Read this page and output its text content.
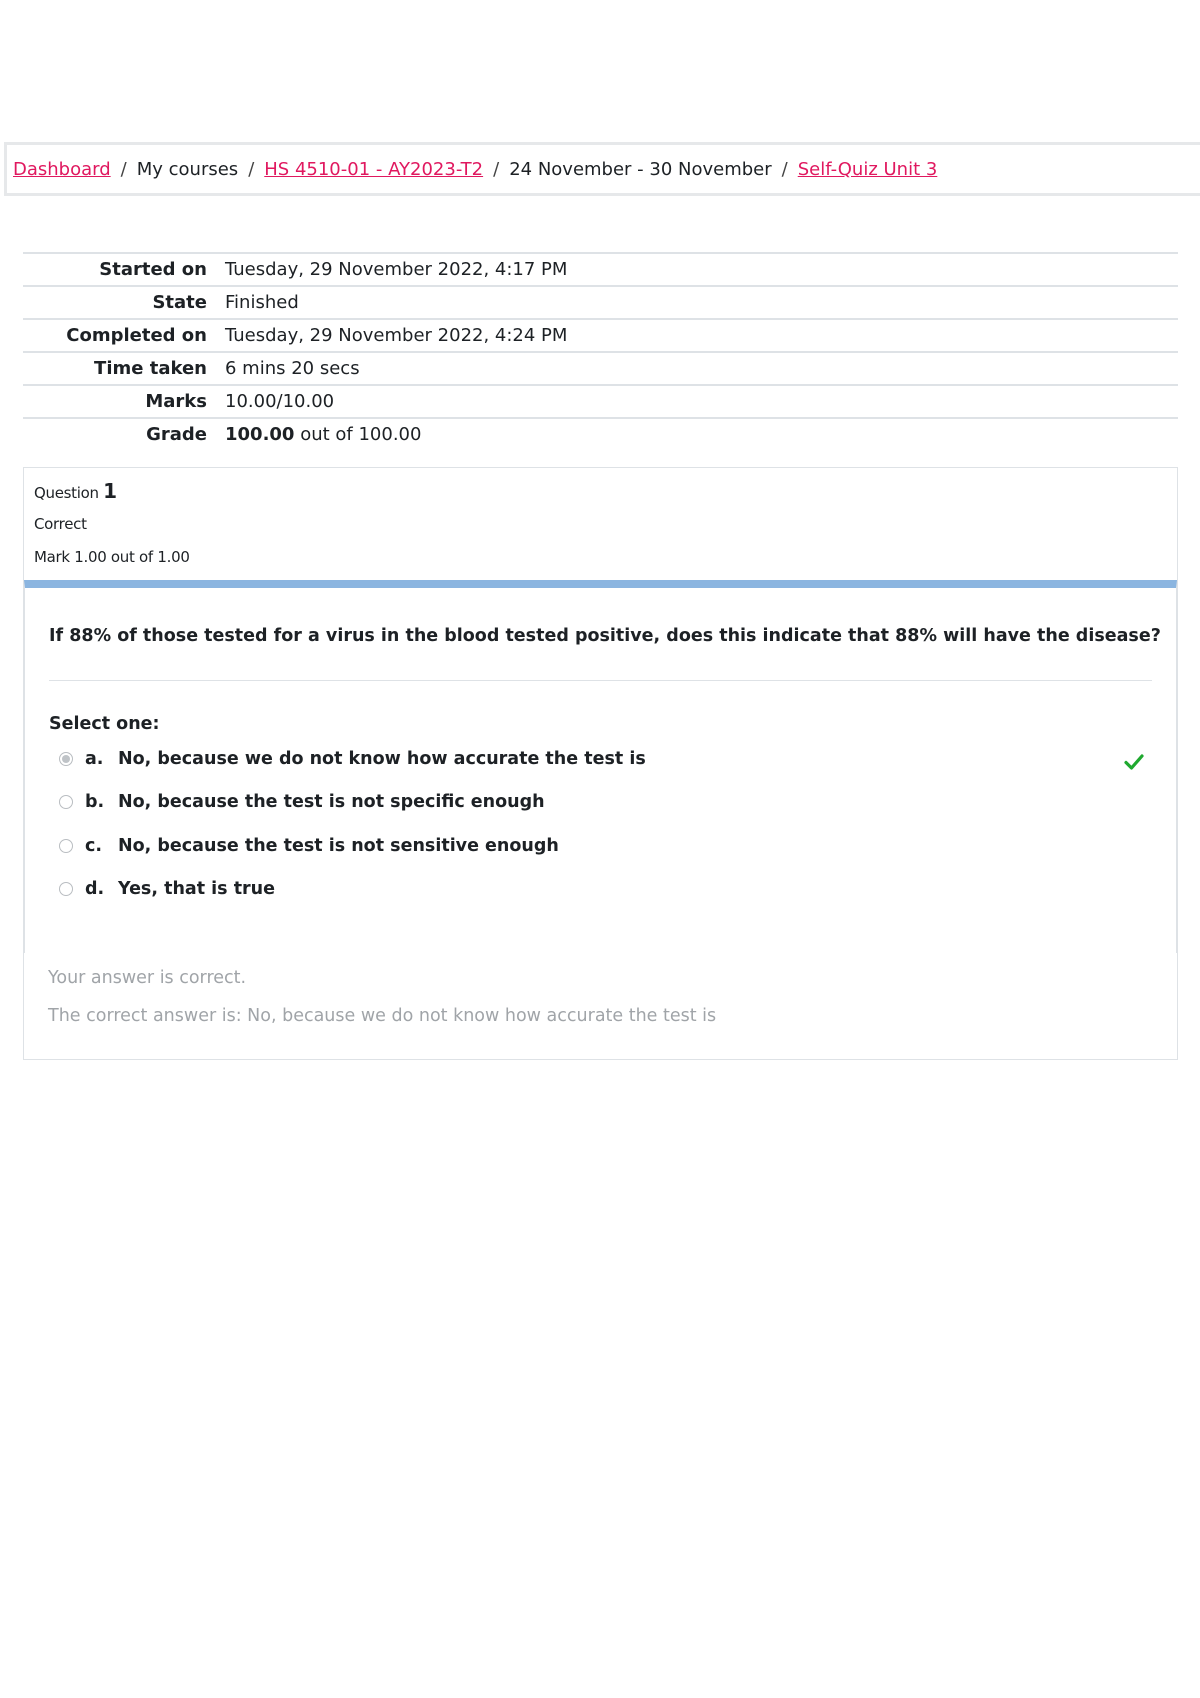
Dashboard / My courses / HS 4510-01 - AY2023-T2 / 24 November - 30 November / Self-Quiz Unit 3
Started on	Tuesday, 29 November 2022, 4:17 PM
State	Finished
Completed on	Tuesday, 29 November 2022, 4:24 PM
Time taken	6 mins 20 secs
Marks	10.00/10.00
Grade	100.00 out of 100.00
Question 1
Correct
Mark 1.00 out of 1.00
If 88% of those tested for a virus in the blood tested positive, does this indicate that 88% will have the disease?
Select one:
a. No, because we do not know how accurate the test is
b. No, because the test is not specific enough
c. No, because the test is not sensitive enough
d. Yes, that is true
Your answer is correct.
The correct answer is: No, because we do not know how accurate the test is
